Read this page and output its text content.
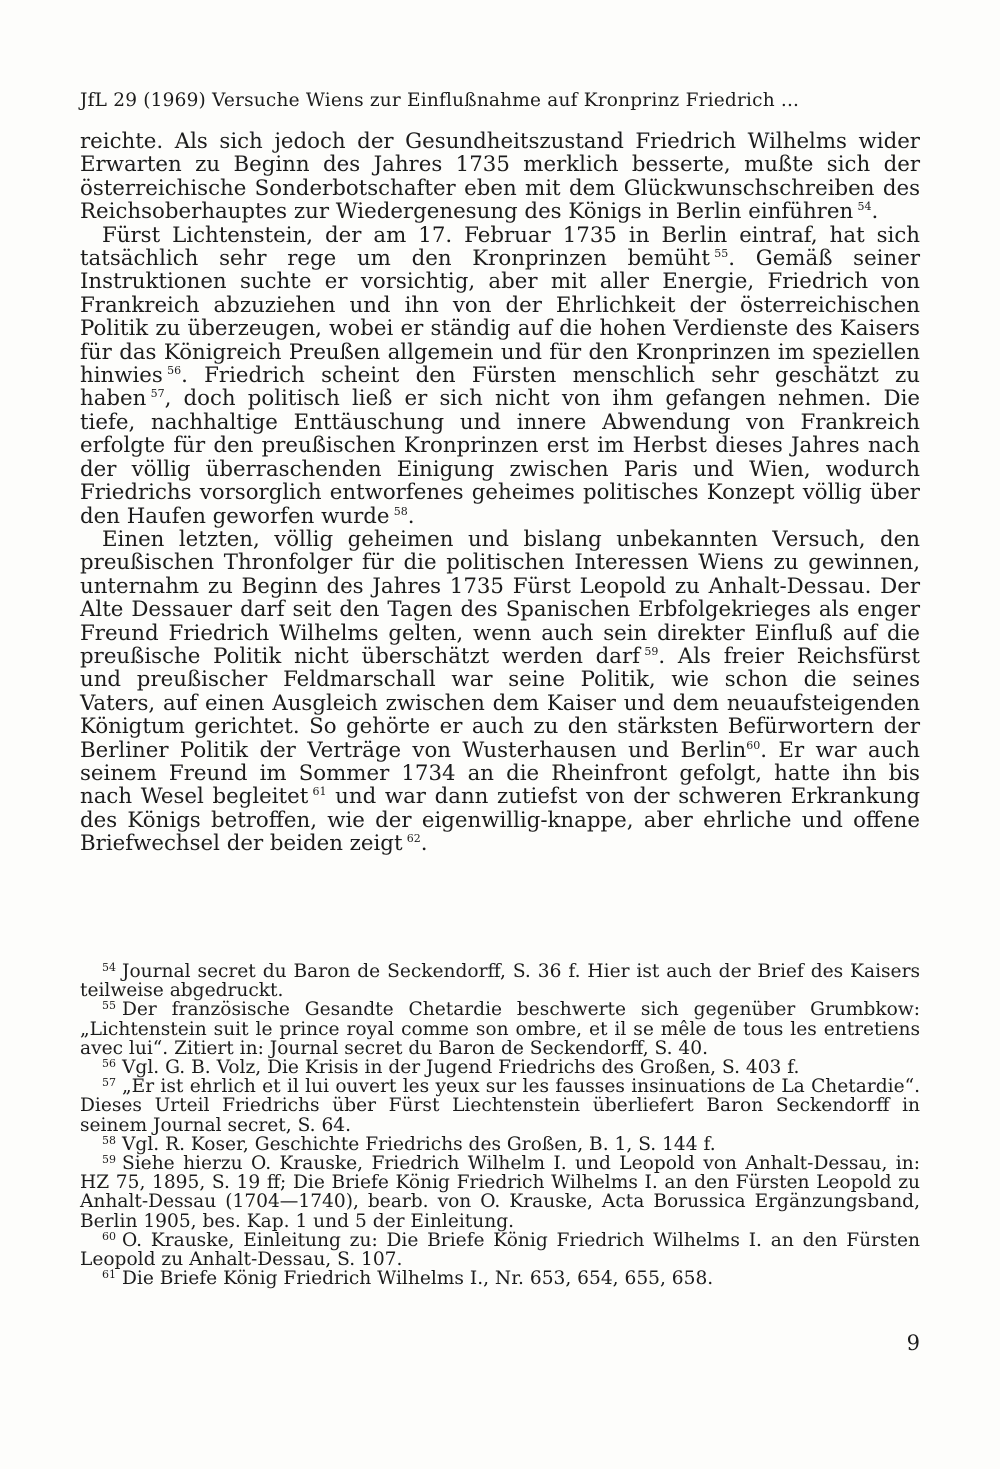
JfL 29 (1969) Versuche Wiens zur Einflußnahme auf Kronprinz Friedrich ...

reichte. Als sich jedoch der Gesundheitszustand Friedrich Wilhelms wider Erwarten zu Beginn des Jahres 1735 merklich besserte, mußte sich der österreichische Sonderbotschafter eben mit dem Glückwunschschreiben des Reichsoberhauptes zur Wiedergenesung des Königs in Berlin einführen  $^{54}$.

Fürst Lichtenstein, der am 17. Februar 1735 in Berlin eintraf, hat sich tatsächlich sehr rege um den Kronprinzen bemüht  $^{55}$. Gemäß seiner Instruktionen suchte er vorsichtig, aber mit aller Energie, Friedrich von Frankreich abzuziehen und ihn von der Ehrlichkeit der österreichischen Politik zu überzeugen, wobei er ständig auf die hohen Verdienste des Kaisers für das Königreich Preußen allgemein und für den Kronprinzen im speziellen hinwies  $^{56}$. Friedrich scheint den Fürsten menschlich sehr geschätzt zu haben  $^{57}$, doch politisch ließ er sich nicht von ihm gefangen nehmen. Die tiefe, nachhaltige Enttäuschung und innere Abwendung von Frankreich erfolgte für den preußischen Kronprinzen erst im Herbst dieses Jahres nach der völlig überraschenden Einigung zwischen Paris und Wien, wodurch Friedrichs vorsorglich entworfenes geheimes politisches Konzept völlig über den Haufen geworfen wurde  $^{58}$.

Einen letzten, völlig geheimen und bislang unbekannten Versuch, den preußischen Thronfolger für die politischen Interessen Wiens zu gewinnen, unternahm zu Beginn des Jahres 1735 Fürst Leopold zu Anhalt-Dessau. Der Alte Dessauer darf seit den Tagen des Spanischen Erbfolgekrieges als enger Freund Friedrich Wilhelms gelten, wenn auch sein direkter Einfluß auf die preußische Politik nicht überschätzt werden darf  $^{59}$. Als freier Reichsfürst und preußischer Feldmarschall war seine Politik, wie schon die seines Vaters, auf einen Ausgleich zwischen dem Kaiser und dem neuaufsteigenden Königtum gerichtet. So gehörte er auch zu den stärksten Befürwortern der Berliner Politik der Verträge von Wusterhausen und Berlin$^{60}$. Er war auch seinem Freund im Sommer 1734 an die Rheinfront gefolgt, hatte ihn bis nach Wesel begleitet  $^{61}$ und war dann zutiefst von der schweren Erkrankung des Königs betroffen, wie der eigenwillig-knappe, aber ehrliche und offene Briefwechsel der beiden zeigt  $^{62}$.

$^{54}$ Journal secret du Baron de Seckendorff, S. 36 f. Hier ist auch der Brief des Kaisers teilweise abgedruckt.

$^{55}$ Der französische Gesandte Chetardie beschwerte sich gegenüber Grumbkow: „Lichtenstein suit le prince royal comme son ombre, et il se mêle de tous les entretiens avec lui“. Zitiert in: Journal secret du Baron de Seckendorff, S. 40.

$^{56}$ Vgl. G. B. Volz, Die Krisis in der Jugend Friedrichs des Großen, S. 403 f.

$^{57}$ „Er ist ehrlich et il lui ouvert les yeux sur les fausses insinuations de La Chetardie“. Dieses Urteil Friedrichs über Fürst Liechtenstein überliefert Baron Seckendorff in seinem Journal secret, S. 64.

$^{58}$ Vgl. R. Koser, Geschichte Friedrichs des Großen, B. 1, S. 144 f.

$^{59}$ Siehe hierzu O. Krauske, Friedrich Wilhelm I. und Leopold von Anhalt-Dessau, in: HZ 75, 1895, S. 19 ff; Die Briefe König Friedrich Wilhelms I. an den Fürsten Leopold zu Anhalt-Dessau (1704—1740), bearb. von O. Krauske, Acta Borussica Ergänzungsband, Berlin 1905, bes. Kap. 1 und 5 der Einleitung.

$^{60}$ O. Krauske, Einleitung zu: Die Briefe König Friedrich Wilhelms I. an den Fürsten Leopold zu Anhalt-Dessau, S. 107.

$^{61}$ Die Briefe König Friedrich Wilhelms I., Nr. 653, 654, 655, 658.

9
